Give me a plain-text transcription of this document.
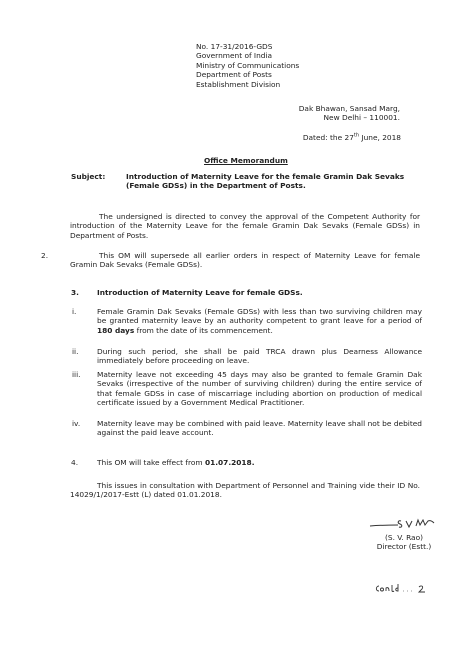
No. 17-31/2016-GDS
Government of India
Ministry of Communications
Department of Posts
Establishment Division
Dak Bhawan, Sansad Marg,
New Delhi – 110001.
Dated: the 27th June, 2018
Office Memorandum
Subject:	Introduction of Maternity Leave for the female Gramin Dak Sevaks (Female GDSs) in the Department of Posts.
The undersigned is directed to convey the approval of the Competent Authority for introduction of the Maternity Leave for the female Gramin Dak Sevaks (Female GDSs) in Department of Posts.
2.	This OM will supersede all earlier orders in respect of Maternity Leave for female Gramin Dak Sevaks (Female GDSs).
3. Introduction of Maternity Leave for female GDSs.
i.	Female Gramin Dak Sevaks (Female GDSs) with less than two surviving children may be granted maternity leave by an authority competent to grant leave for a period of 180 days from the date of its commencement.
ii.	During such period, she shall be paid TRCA drawn plus Dearness Allowance immediately before proceeding on leave.
iii.	Maternity leave not exceeding 45 days may also be granted to female Gramin Dak Sevaks (irrespective of the number of surviving children) during the entire service of that female GDSs in case of miscarriage including abortion on production of medical certificate issued by a Government Medical Practitioner.
iv.	Maternity leave may be combined with paid leave. Maternity leave shall not be debited against the paid leave account.
4.	This OM will take effect from 01.07.2018.
This issues in consultation with Department of Personnel and Training vide their ID No. 14029/1/2017-Estt (L) dated 01.01.2018.
(S. V. Rao)
Director (Estt.)
